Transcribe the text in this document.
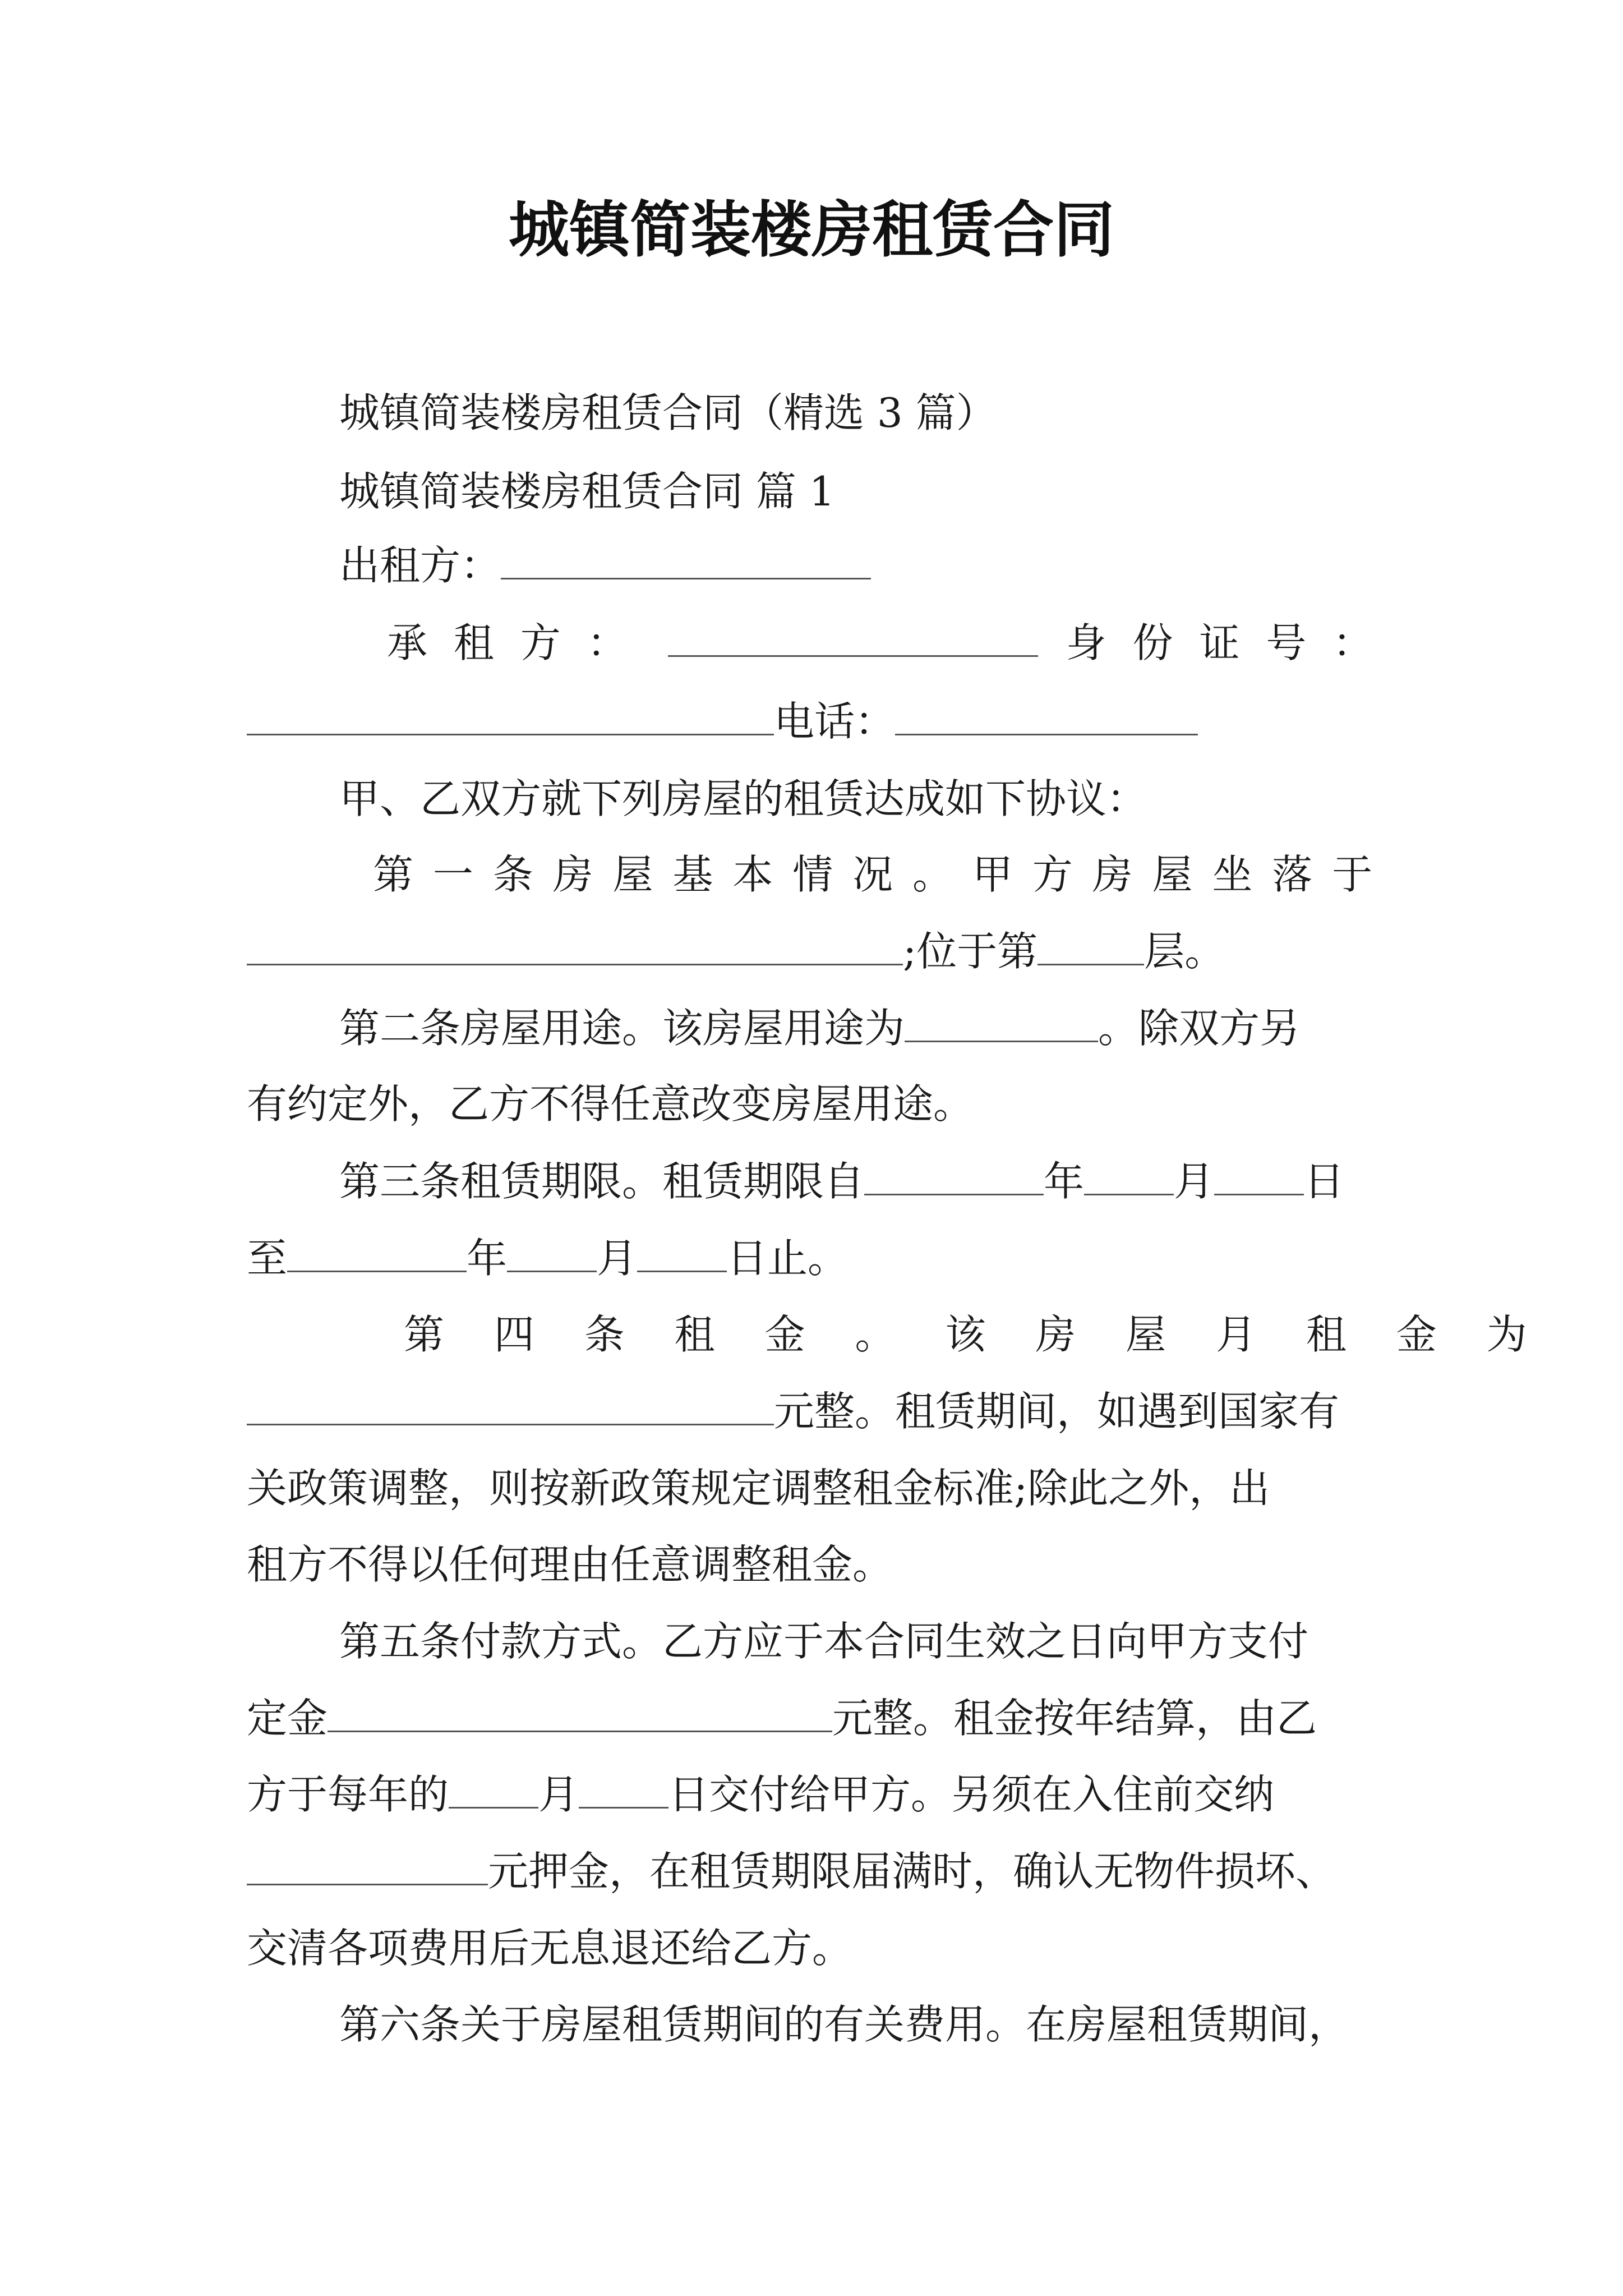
城镇简装楼房租赁合同
城镇简装楼房租赁合同（精选 3 篇）
城镇简装楼房租赁合同 篇 1
出租方：
承 租 方 ：	身 份 证 号 ：
电话：
甲、乙双方就下列房屋的租赁达成如下协议：
第 一 条 房 屋 基 本 情 况 。 甲 方 房 屋 坐 落 于
;位于第	层。
第二条房屋用途。该房屋用途为	。除双方另
有约定外，乙方不得任意改变房屋用途。
第三条租赁期限。租赁期限自	年 月 日
至	年 月 日止。
第 四 条 租 金 。 该 房 屋 月 租 金 为
元整。租赁期间，如遇到国家有
关政策调整，则按新政策规定调整租金标准;除此之外，出
租方不得以任何理由任意调整租金。
第五条付款方式。乙方应于本合同生效之日向甲方支付
定金	元整。租金按年结算，由乙
方于每年的 月 日交付给甲方。另须在入住前交纳
元押金，在租赁期限届满时，确认无物件损坏、
交清各项费用后无息退还给乙方。
第六条关于房屋租赁期间的有关费用。在房屋租赁期间，
